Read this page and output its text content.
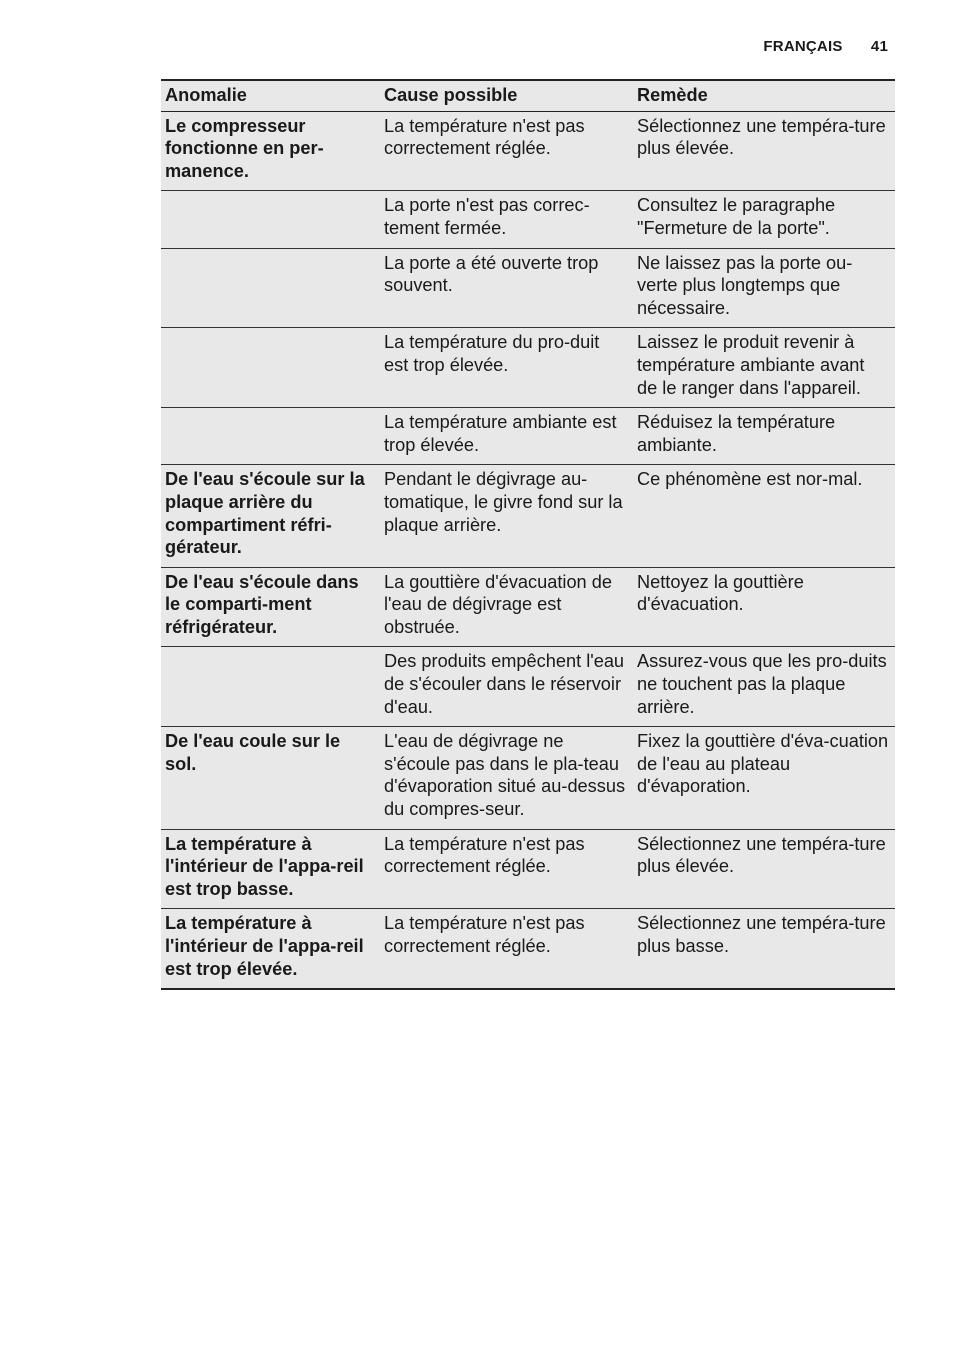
FRANÇAIS 41
Anomalie	Cause possible	Remède
Le compresseur fonctionne en per-manence.	La température n'est pas correctement réglée.	Sélectionnez une tempéra-ture plus élevée.
	La porte n'est pas correc-tement fermée.	Consultez le paragraphe "Fermeture de la porte".
	La porte a été ouverte trop souvent.	Ne laissez pas la porte ou-verte plus longtemps que nécessaire.
	La température du pro-duit est trop élevée.	Laissez le produit revenir à température ambiante avant de le ranger dans l'appareil.
	La température ambiante est trop élevée.	Réduisez la température ambiante.
De l'eau s'écoule sur la plaque arrière du compartiment réfri-gérateur.	Pendant le dégivrage au-tomatique, le givre fond sur la plaque arrière.	Ce phénomène est nor-mal.
De l'eau s'écoule dans le comparti-ment réfrigérateur.	La gouttière d'évacuation de l'eau de dégivrage est obstruée.	Nettoyez la gouttière d'évacuation.
	Des produits empêchent l'eau de s'écouler dans le réservoir d'eau.	Assurez-vous que les pro-duits ne touchent pas la plaque arrière.
De l'eau coule sur le sol.	L'eau de dégivrage ne s'écoule pas dans le pla-teau d'évaporation situé au-dessus du compres-seur.	Fixez la gouttière d'éva-cuation de l'eau au plateau d'évaporation.
La température à l'intérieur de l'appa-reil est trop basse.	La température n'est pas correctement réglée.	Sélectionnez une tempéra-ture plus élevée.
La température à l'intérieur de l'appa-reil est trop élevée.	La température n'est pas correctement réglée.	Sélectionnez une tempéra-ture plus basse.
